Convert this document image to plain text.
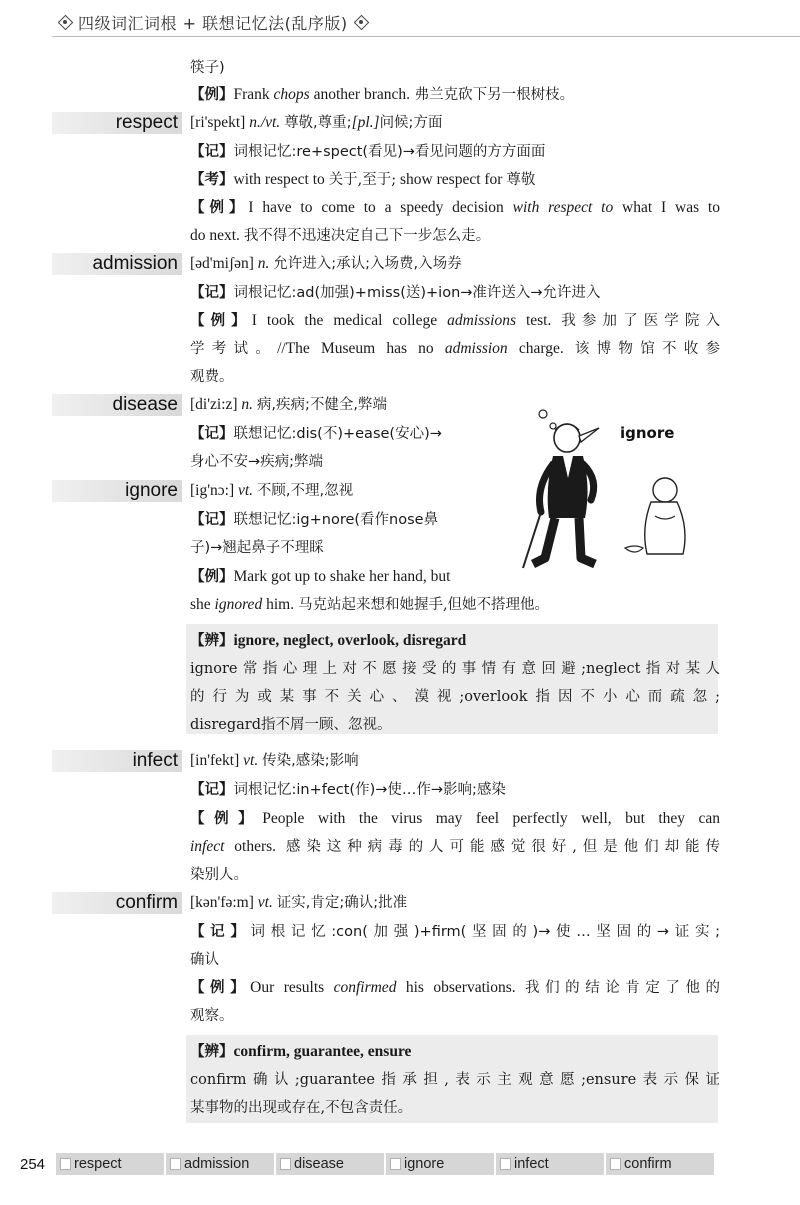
四级词汇词根 + 联想记忆法(乱序版)
筷子)
【例】Frank chops another branch. 弗兰克砍下另一根树枝。
respect [ri'spekt] n./vt. 尊敬,尊重;[pl.]问候;方面
【记】词根记忆:re+spect(看见)→看见问题的方方面面
【考】with respect to 关于,至于; show respect for 尊敬
【例】I have to come to a speedy decision with respect to what I was to
do next. 我不得不迅速决定自己下一步怎么走。
admission [əd'miʃən] n. 允许进入;承认;入场费,入场券
【记】词根记忆:ad(加强)+miss(送)+ion→准许送入→允许进入
【例】I took the medical college admissions test. 我参加了医学院入
学考试。//The Museum has no admission charge. 该博物馆不收参
观费。
disease [di'zi:z] n. 病,疾病;不健全,弊端
【记】联想记忆:dis(不)+ease(安心)→
身心不安→疾病;弊端
ignore [ig'nɔ:] vt. 不顾,不理,忽视
【记】联想记忆:ig+nore(看作nose鼻
子)→翘起鼻子不理睬
【例】Mark got up to shake her hand, but
she ignored him. 马克站起来想和她握手,但她不搭理他。
ignore
【辨】ignore, neglect, overlook, disregard
ignore常指心理上对不愿接受的事情有意回避;neglect指对某人
的行为或某事不关心、漠视;overlook指因不小心而疏忽;
disregard指不屑一顾、忽视。
infect [in'fekt] vt. 传染,感染;影响
【记】词根记忆:in+fect(作)→使…作→影响;感染
【例】People with the virus may feel perfectly well, but they can
infect others. 感染这种病毒的人可能感觉很好,但是他们却能传
染别人。
confirm [kən'fə:m] vt. 证实,肯定;确认;批准
【记】词根记忆:con(加强)+firm(坚固的)→使…坚固的→证实;
确认
【例】Our results confirmed his observations. 我们的结论肯定了他的
观察。
【辨】confirm, guarantee, ensure
confirm确认;guarantee指承担,表示主观意愿;ensure表示保证
某事物的出现或存在,不包含责任。
254	respect	admission	disease	ignore	infect	confirm
